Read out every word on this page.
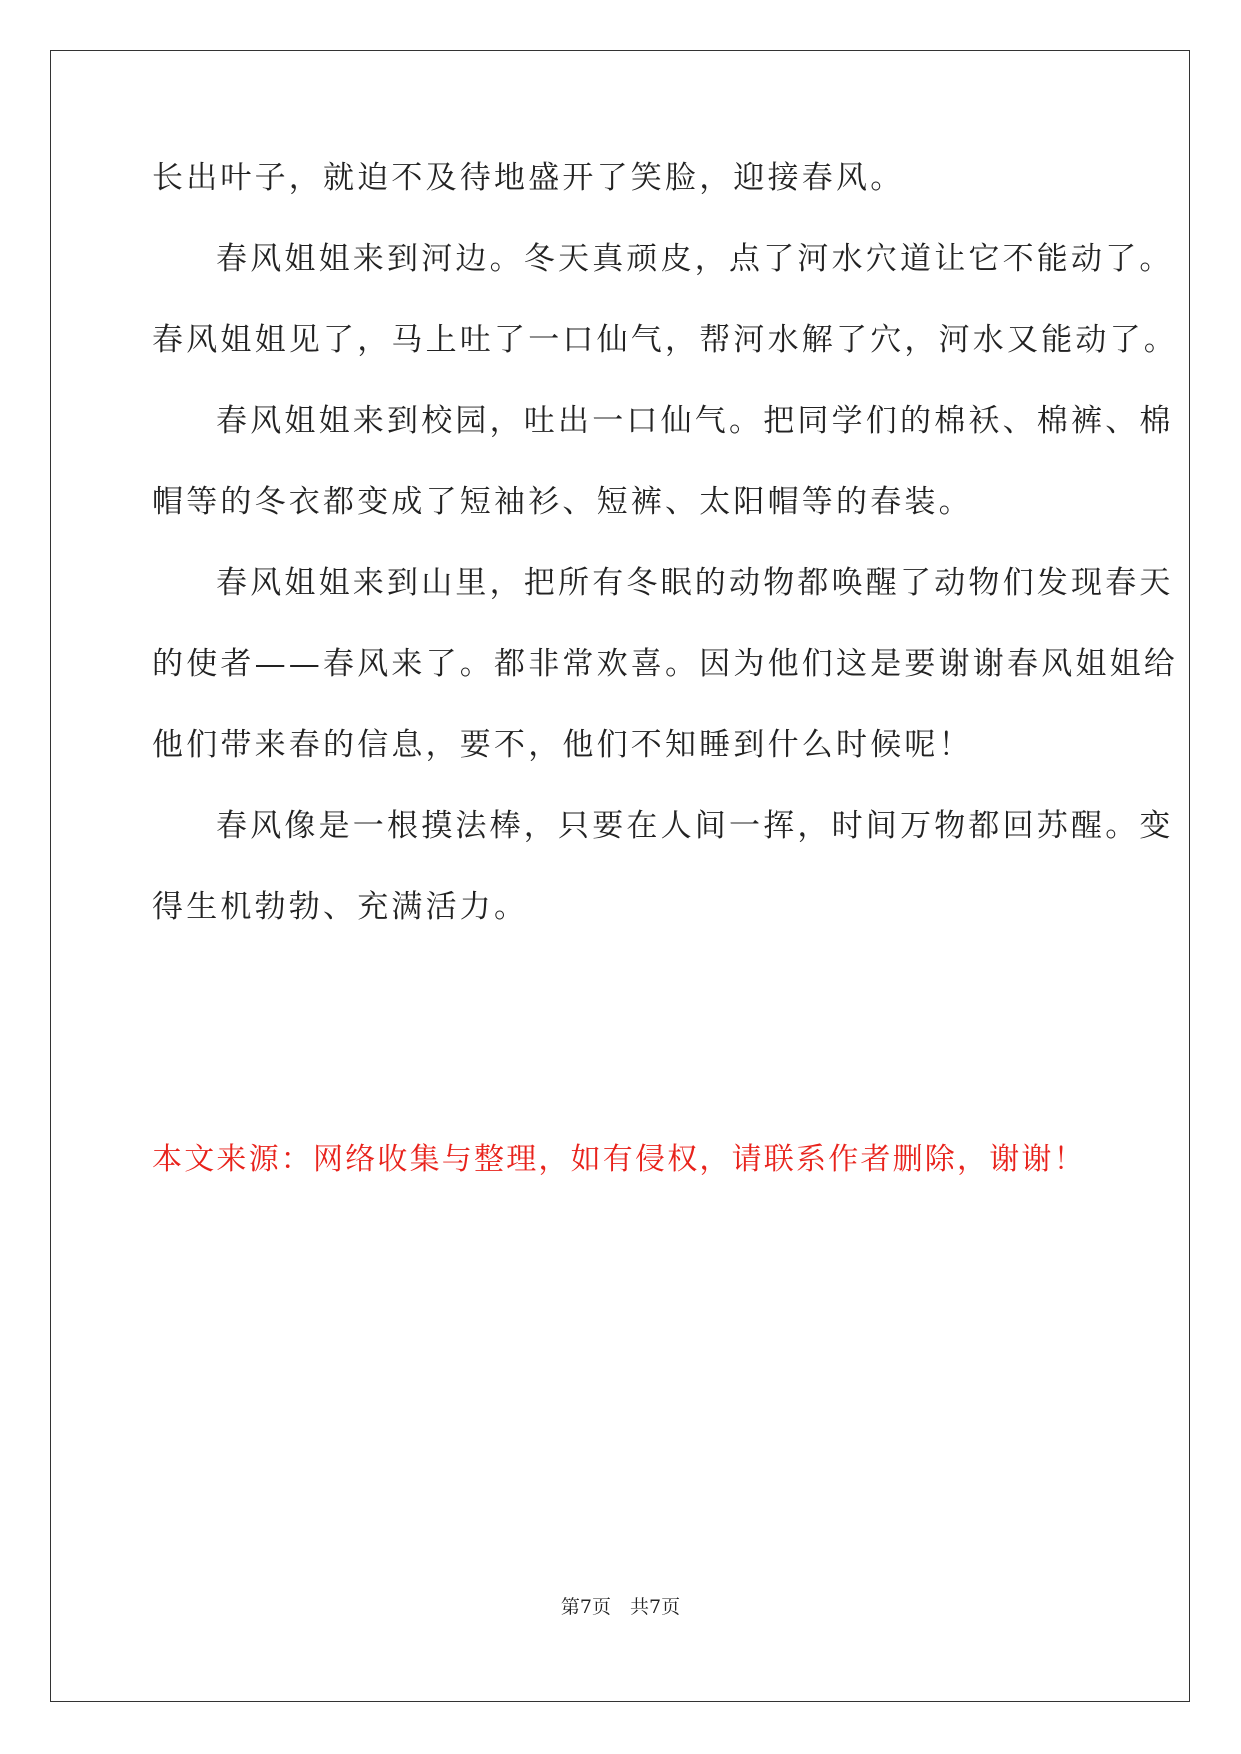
长出叶子，就迫不及待地盛开了笑脸，迎接春风。
春风姐姐来到河边。冬天真顽皮，点了河水穴道让它不能动了。
春风姐姐见了，马上吐了一口仙气，帮河水解了穴，河水又能动了。
春风姐姐来到校园，吐出一口仙气。把同学们的棉袄、棉裤、棉
帽等的冬衣都变成了短袖衫、短裤、太阳帽等的春装。
春风姐姐来到山里，把所有冬眠的动物都唤醒了动物们发现春天
的使者——春风来了。都非常欢喜。因为他们这是要谢谢春风姐姐给
他们带来春的信息，要不，他们不知睡到什么时候呢！
春风像是一根摸法棒，只要在人间一挥，时间万物都回苏醒。变
得生机勃勃、充满活力。
本文来源：网络收集与整理，如有侵权，请联系作者删除，谢谢！
第7页　共7页
